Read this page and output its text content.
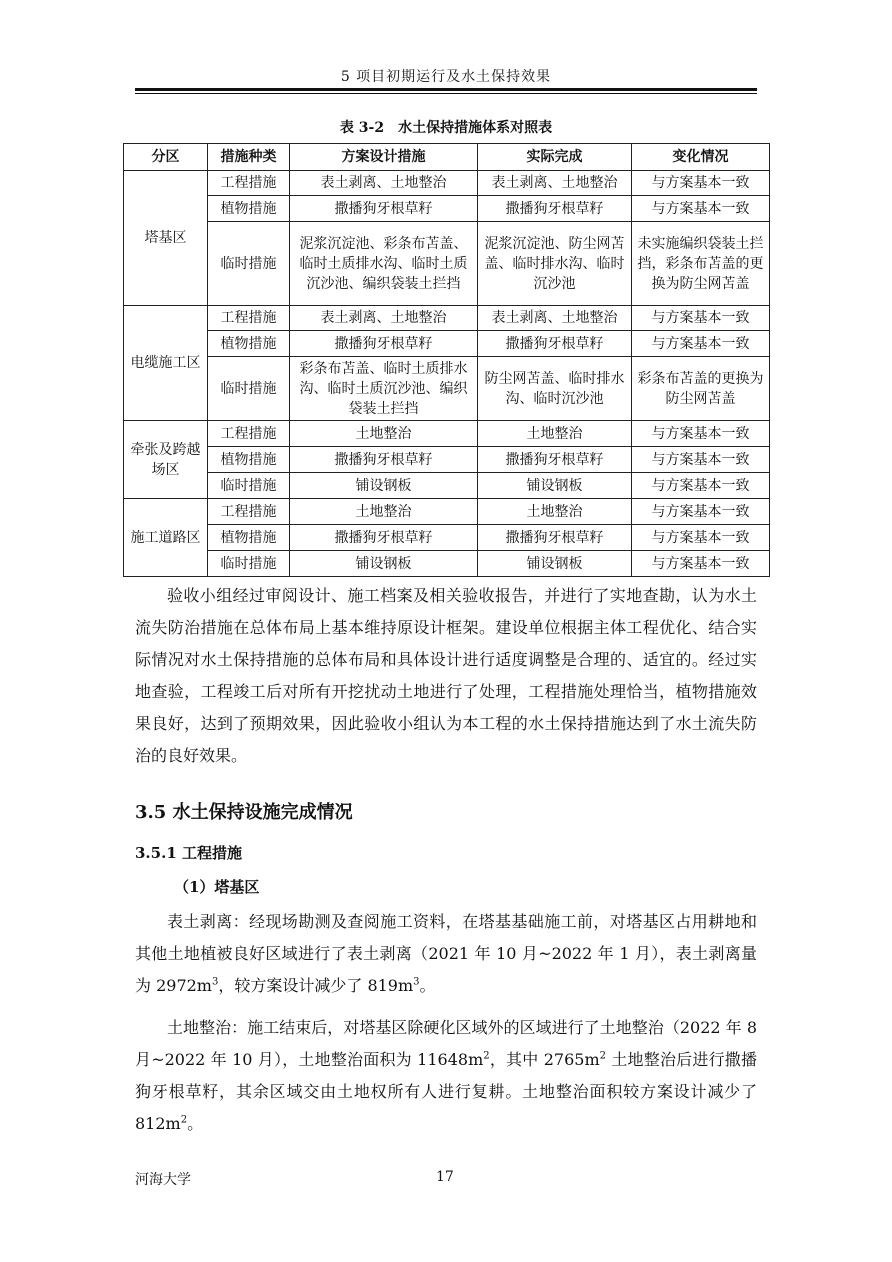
5 项目初期运行及水土保持效果
表 3-2　水土保持措施体系对照表
分区	措施种类	方案设计措施	实际完成	变化情况
塔基区	工程措施	表土剥离、土地整治	表土剥离、土地整治	与方案基本一致
	植物措施	撒播狗牙根草籽	撒播狗牙根草籽	与方案基本一致
	临时措施	泥浆沉淀池、彩条布苫盖、临时土质排水沟、临时土质沉沙池、编织袋装土拦挡	泥浆沉淀池、防尘网苫盖、临时排水沟、临时沉沙池	未实施编织袋装土拦挡，彩条布苫盖的更换为防尘网苫盖
电缆施工区	工程措施	表土剥离、土地整治	表土剥离、土地整治	与方案基本一致
	植物措施	撒播狗牙根草籽	撒播狗牙根草籽	与方案基本一致
	临时措施	彩条布苫盖、临时土质排水沟、临时土质沉沙池、编织袋装土拦挡	防尘网苫盖、临时排水沟、临时沉沙池	彩条布苫盖的更换为防尘网苫盖
牵张及跨越场区	工程措施	土地整治	土地整治	与方案基本一致
	植物措施	撒播狗牙根草籽	撒播狗牙根草籽	与方案基本一致
	临时措施	铺设钢板	铺设钢板	与方案基本一致
施工道路区	工程措施	土地整治	土地整治	与方案基本一致
	植物措施	撒播狗牙根草籽	撒播狗牙根草籽	与方案基本一致
	临时措施	铺设钢板	铺设钢板	与方案基本一致

验收小组经过审阅设计、施工档案及相关验收报告，并进行了实地查勘，认为水土流失防治措施在总体布局上基本维持原设计框架。建设单位根据主体工程优化、结合实际情况对水土保持措施的总体布局和具体设计进行适度调整是合理的、适宜的。经过实地查验，工程竣工后对所有开挖扰动土地进行了处理，工程措施处理恰当，植物措施效果良好，达到了预期效果，因此验收小组认为本工程的水土保持措施达到了水土流失防治的良好效果。

3.5 水土保持设施完成情况
3.5.1 工程措施
（1）塔基区

表土剥离：经现场勘测及查阅施工资料，在塔基基础施工前，对塔基区占用耕地和其他土地植被良好区域进行了表土剥离（2021 年 10 月~2022 年 1 月），表土剥离量为 $2972m^3$，较方案设计减少了 $819m^3$。

土地整治：施工结束后，对塔基区除硬化区域外的区域进行了土地整治（2022 年 8 月~2022 年 10 月），土地整治面积为 $11648m^2$，其中 $2765m^2$ 土地整治后进行撒播狗牙根草籽，其余区域交由土地权所有人进行复耕。土地整治面积较方案设计减少了 $812m^2$。

河海大学	17
